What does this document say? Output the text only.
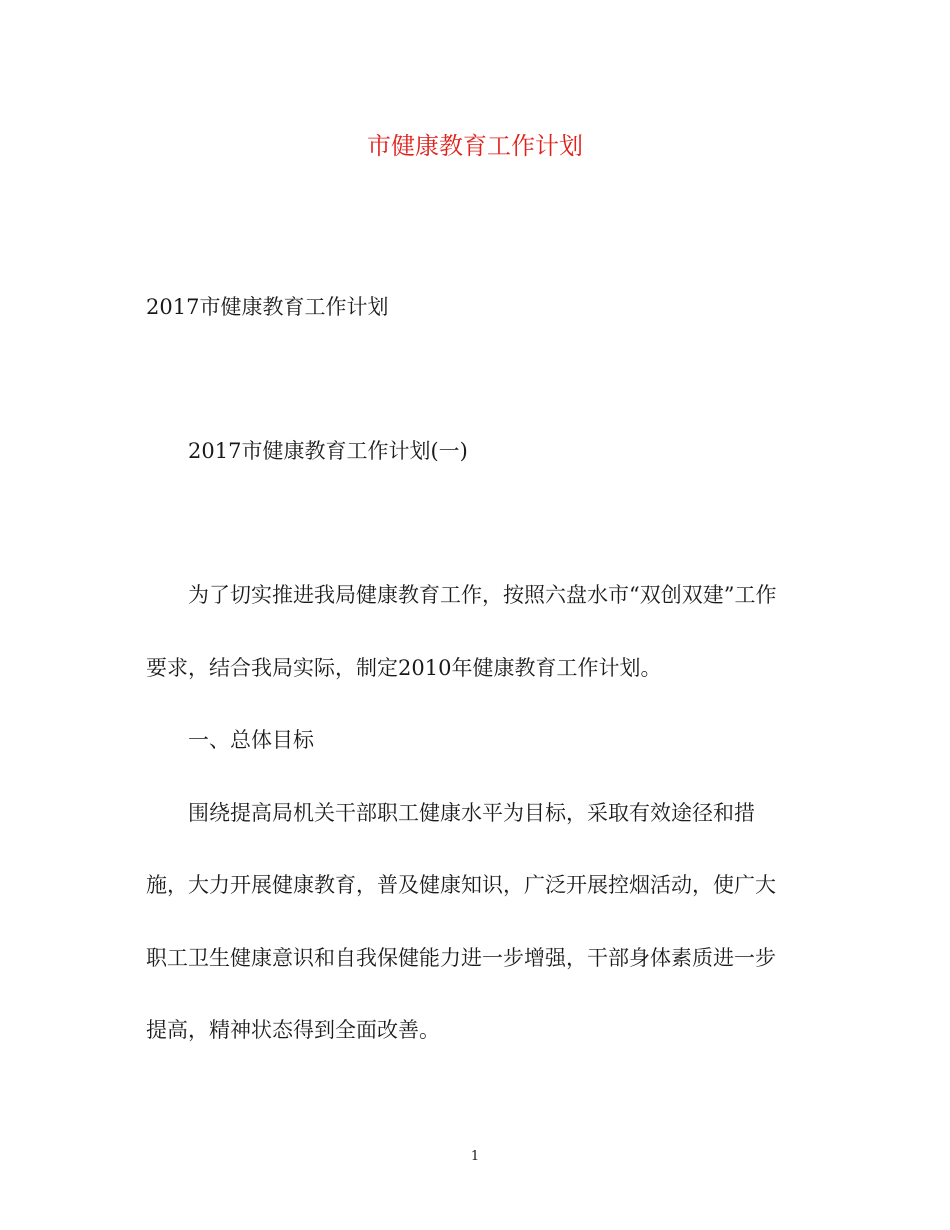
市健康教育工作计划
2017市健康教育工作计划
2017市健康教育工作计划(一)
为了切实推进我局健康教育工作，按照六盘水市“双创双建”工作
要求，结合我局实际，制定2010年健康教育工作计划。
一、总体目标
围绕提高局机关干部职工健康水平为目标，采取有效途径和措
施，大力开展健康教育，普及健康知识，广泛开展控烟活动，使广大
职工卫生健康意识和自我保健能力进一步增强，干部身体素质进一步
提高，精神状态得到全面改善。
1
